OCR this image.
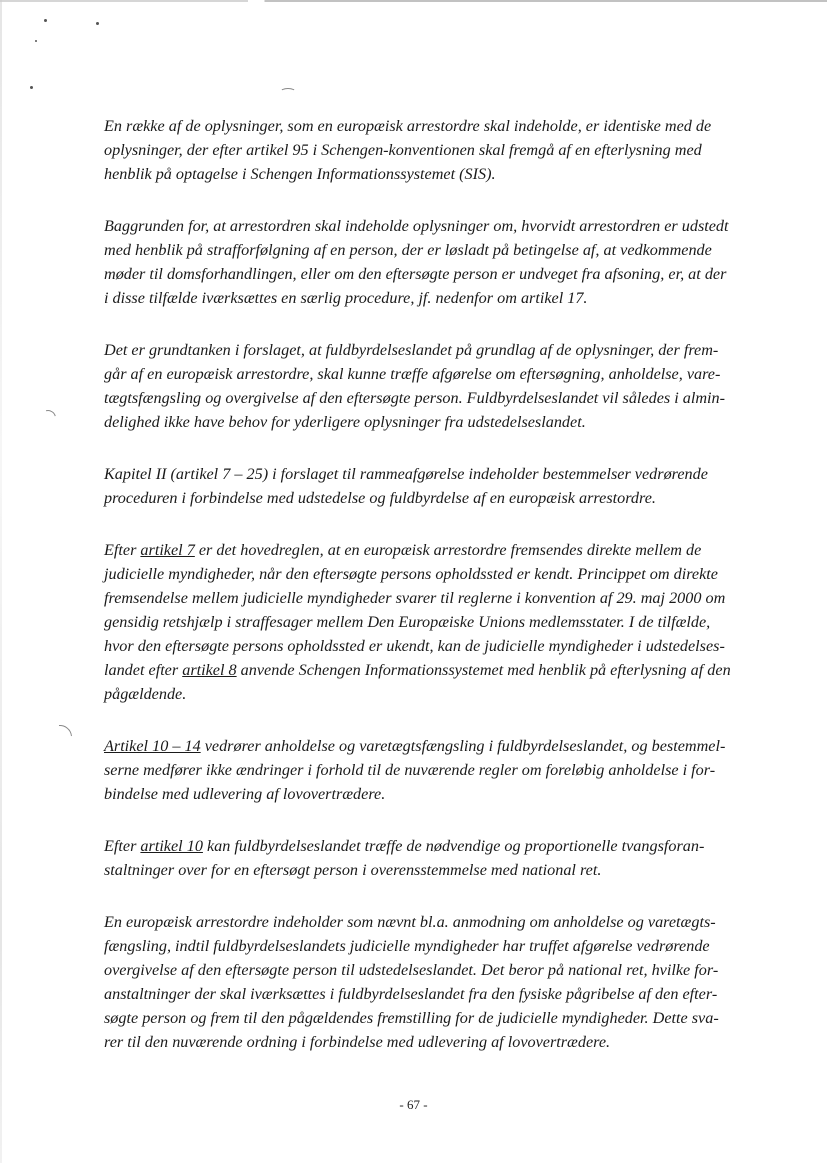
En række af de oplysninger, som en europæisk arrestordre skal indeholde, er identiske med de
oplysninger, der efter artikel 95 i Schengen-konventionen skal fremgå af en efterlysning med
henblik på optagelse i Schengen Informationssystemet (SIS).

Baggrunden for, at arrestordren skal indeholde oplysninger om, hvorvidt arrestordren er udstedt
med henblik på strafforfølgning af en person, der er løsladt på betingelse af, at vedkommende
møder til domsforhandlingen, eller om den eftersøgte person er undveget fra afsoning, er, at der
i disse tilfælde iværksættes en særlig procedure, jf. nedenfor om artikel 17.

Det er grundtanken i forslaget, at fuldbyrdelseslandet på grundlag af de oplysninger, der frem-
går af en europæisk arrestordre, skal kunne træffe afgørelse om eftersøgning, anholdelse, vare-
tægtsfængsling og overgivelse af den eftersøgte person. Fuldbyrdelseslandet vil således i almin-
delighed ikke have behov for yderligere oplysninger fra udstedelseslandet.

Kapitel II (artikel 7 – 25) i forslaget til rammeafgørelse indeholder bestemmelser vedrørende
proceduren i forbindelse med udstedelse og fuldbyrdelse af en europæisk arrestordre.

Efter artikel 7 er det hovedreglen, at en europæisk arrestordre fremsendes direkte mellem de
judicielle myndigheder, når den eftersøgte persons opholdssted er kendt. Princippet om direkte
fremsendelse mellem judicielle myndigheder svarer til reglerne i konvention af 29. maj 2000 om
gensidig retshjælp i straffesager mellem Den Europæiske Unions medlemsstater. I de tilfælde,
hvor den eftersøgte persons opholdssted er ukendt, kan de judicielle myndigheder i udstedelses-
landet efter artikel 8 anvende Schengen Informationssystemet med henblik på efterlysning af den
pågældende.

Artikel 10 – 14 vedrører anholdelse og varetægtsfængsling i fuldbyrdelseslandet, og bestemmel-
serne medfører ikke ændringer i forhold til de nuværende regler om foreløbig anholdelse i for-
bindelse med udlevering af lovovertrædere.

Efter artikel 10 kan fuldbyrdelseslandet træffe de nødvendige og proportionelle tvangsforan-
staltninger over for en eftersøgt person i overensstemmelse med national ret.

En europæisk arrestordre indeholder som nævnt bl.a. anmodning om anholdelse og varetægts-
fængsling, indtil fuldbyrdelseslandets judicielle myndigheder har truffet afgørelse vedrørende
overgivelse af den eftersøgte person til udstedelseslandet. Det beror på national ret, hvilke for-
anstaltninger der skal iværksættes i fuldbyrdelseslandet fra den fysiske pågribelse af den efter-
søgte person og frem til den pågældendes fremstilling for de judicielle myndigheder. Dette sva-
rer til den nuværende ordning i forbindelse med udlevering af lovovertrædere.

- 67 -
